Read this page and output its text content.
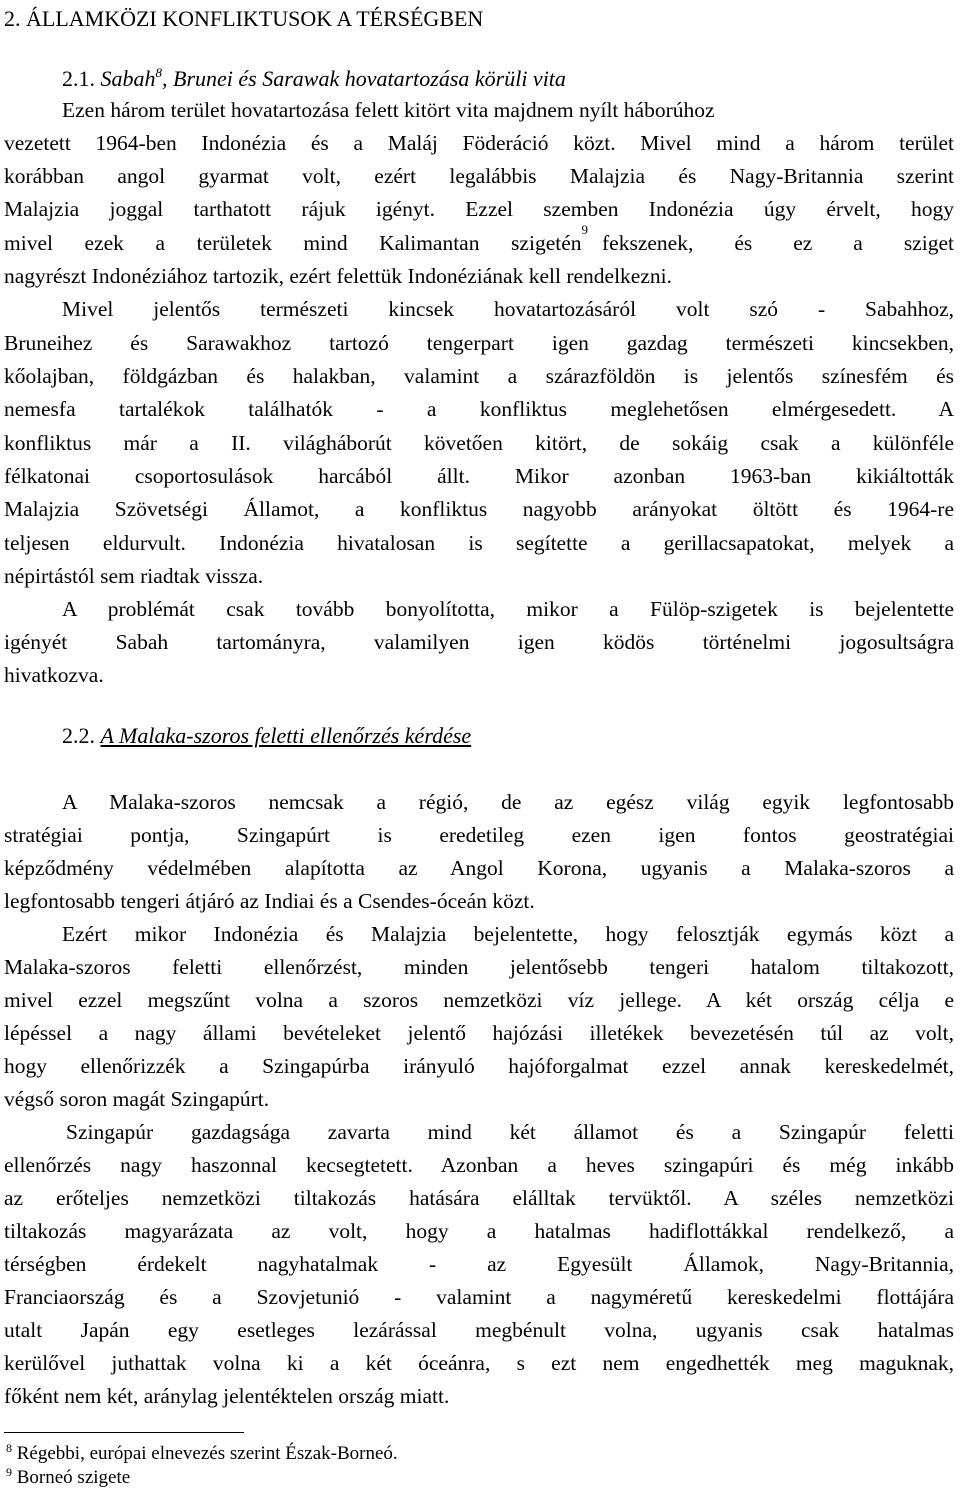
2. ÁLLAMKÖZI KONFLIKTUSOK A TÉRSÉGBEN
2.1. Sabah$^8$, Brunei és Sarawak hovatartozása körüli vita
Ezen három terület hovatartozása felett kitört vita majdnem nyílt háborúhoz
vezetett 1964-ben Indonézia és a Maláj Föderáció közt. Mivel mind a három terület
korábban angol gyarmat volt, ezért legalábbis Malajzia és Nagy-Britannia szerint
Malajzia joggal tarthatott rájuk igényt. Ezzel szemben Indonézia úgy érvelt, hogy
mivel ezek a területek mind Kalimantan szigetén
9
fekszenek, és ez a sziget
nagyrészt Indonéziához tartozik, ezért felettük Indonéziának kell rendelkezni.
Mivel jelentős természeti kincsek hovatartozásáról volt szó - Sabahhoz,
Bruneihez és Sarawakhoz tartozó tengerpart igen gazdag természeti kincsekben,
kőolajban, földgázban és halakban, valamint a szárazföldön is jelentős színesfém és
nemesfa tartalékok találhatók - a konfliktus meglehetősen elmérgesedett. A
konfliktus már a II. világháborút követően kitört, de sokáig csak a különféle
félkatonai csoportosulások harcából állt. Mikor azonban 1963-ban kikiáltották
Malajzia Szövetségi Államot, a konfliktus nagyobb arányokat öltött és 1964-re
teljesen eldurvult. Indonézia hivatalosan is segítette a gerillacsapatokat, melyek a
népirtástól sem riadtak vissza.
A problémát csak tovább bonyolította, mikor a Fülöp-szigetek is bejelentette
igényét Sabah tartományra, valamilyen igen ködös történelmi jogosultságra
hivatkozva.
2.2. A Malaka-szoros feletti ellenőrzés kérdése
A Malaka-szoros nemcsak a régió, de az egész világ egyik legfontosabb
stratégiai pontja, Szingapúrt is eredetileg ezen igen fontos geostratégiai
képződmény védelmében alapította az Angol Korona, ugyanis a Malaka-szoros a
legfontosabb tengeri átjáró az Indiai és a Csendes-óceán közt.
Ezért mikor Indonézia és Malajzia bejelentette, hogy felosztják egymás közt a
Malaka-szoros feletti ellenőrzést, minden jelentősebb tengeri hatalom tiltakozott,
mivel ezzel megszűnt volna a szoros nemzetközi víz jellege. A két ország célja e
lépéssel a nagy állami bevételeket jelentő hajózási illetékek bevezetésén túl az volt,
hogy ellenőrizzék a Szingapúrba irányuló hajóforgalmat ezzel annak kereskedelmét,
végső soron magát Szingapúrt.
Szingapúr gazdagsága zavarta mind két államot és a Szingapúr feletti
ellenőrzés nagy haszonnal kecsegtetett. Azonban a heves szingapúri és még inkább
az erőteljes nemzetközi tiltakozás hatására elálltak tervüktől. A széles nemzetközi
tiltakozás magyarázata az volt, hogy a hatalmas hadiflottákkal rendelkező, a
térségben érdekelt nagyhatalmak - az Egyesült Államok, Nagy-Britannia,
Franciaország és a Szovjetunió - valamint a nagyméretű kereskedelmi flottájára
utalt Japán egy esetleges lezárással megbénult volna, ugyanis csak hatalmas
kerülővel juthattak volna ki a két óceánra, s ezt nem engedhették meg maguknak,
főként nem két, aránylag jelentéktelen ország miatt.
$^8$ Régebbi, európai elnevezés szerint Észak-Borneó.
$^9$ Borneó szigete
